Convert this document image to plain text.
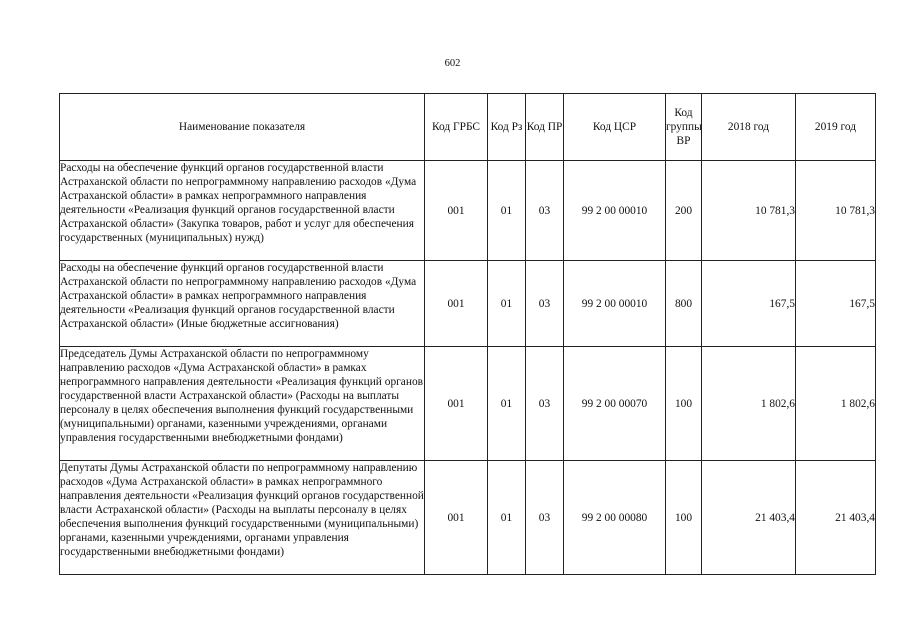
602
Наименование показателя	Код ГРБС	Код Рз	Код ПР	Код ЦСР	Код группы ВР	2018 год	2019 год
Расходы на обеспечение функций органов государственной власти Астраханской области по непрограммному направлению расходов «Дума Астраханской области» в рамках непрограммного направления деятельности «Реализация функций органов государственной власти Астраханской области» (Закупка товаров, работ и услуг для обеспечения государственных (муниципальных) нужд)	001	01	03	99 2 00 00010	200	10 781,3	10 781,3
Расходы на обеспечение функций органов государственной власти Астраханской области по непрограммному направлению расходов «Дума Астраханской области» в рамках непрограммного направления деятельности «Реализация функций органов государственной власти Астраханской области» (Иные бюджетные ассигнования)	001	01	03	99 2 00 00010	800	167,5	167,5
Председатель Думы Астраханской области по непрограммному направлению расходов «Дума Астраханской области» в рамках непрограммного направления деятельности «Реализация функций органов государственной власти Астраханской области» (Расходы на выплаты персоналу в целях обеспечения выполнения функций государственными (муниципальными) органами, казенными учреждениями, органами управления государственными внебюджетными фондами)	001	01	03	99 2 00 00070	100	1 802,6	1 802,6
Депутаты Думы Астраханской области по непрограммному направлению расходов «Дума Астраханской области» в рамках непрограммного направления деятельности «Реализация функций органов государственной власти Астраханской области» (Расходы на выплаты персоналу в целях обеспечения выполнения функций государственными (муниципальными) органами, казенными учреждениями, органами управления государственными внебюджетными фондами)	001	01	03	99 2 00 00080	100	21 403,4	21 403,4
